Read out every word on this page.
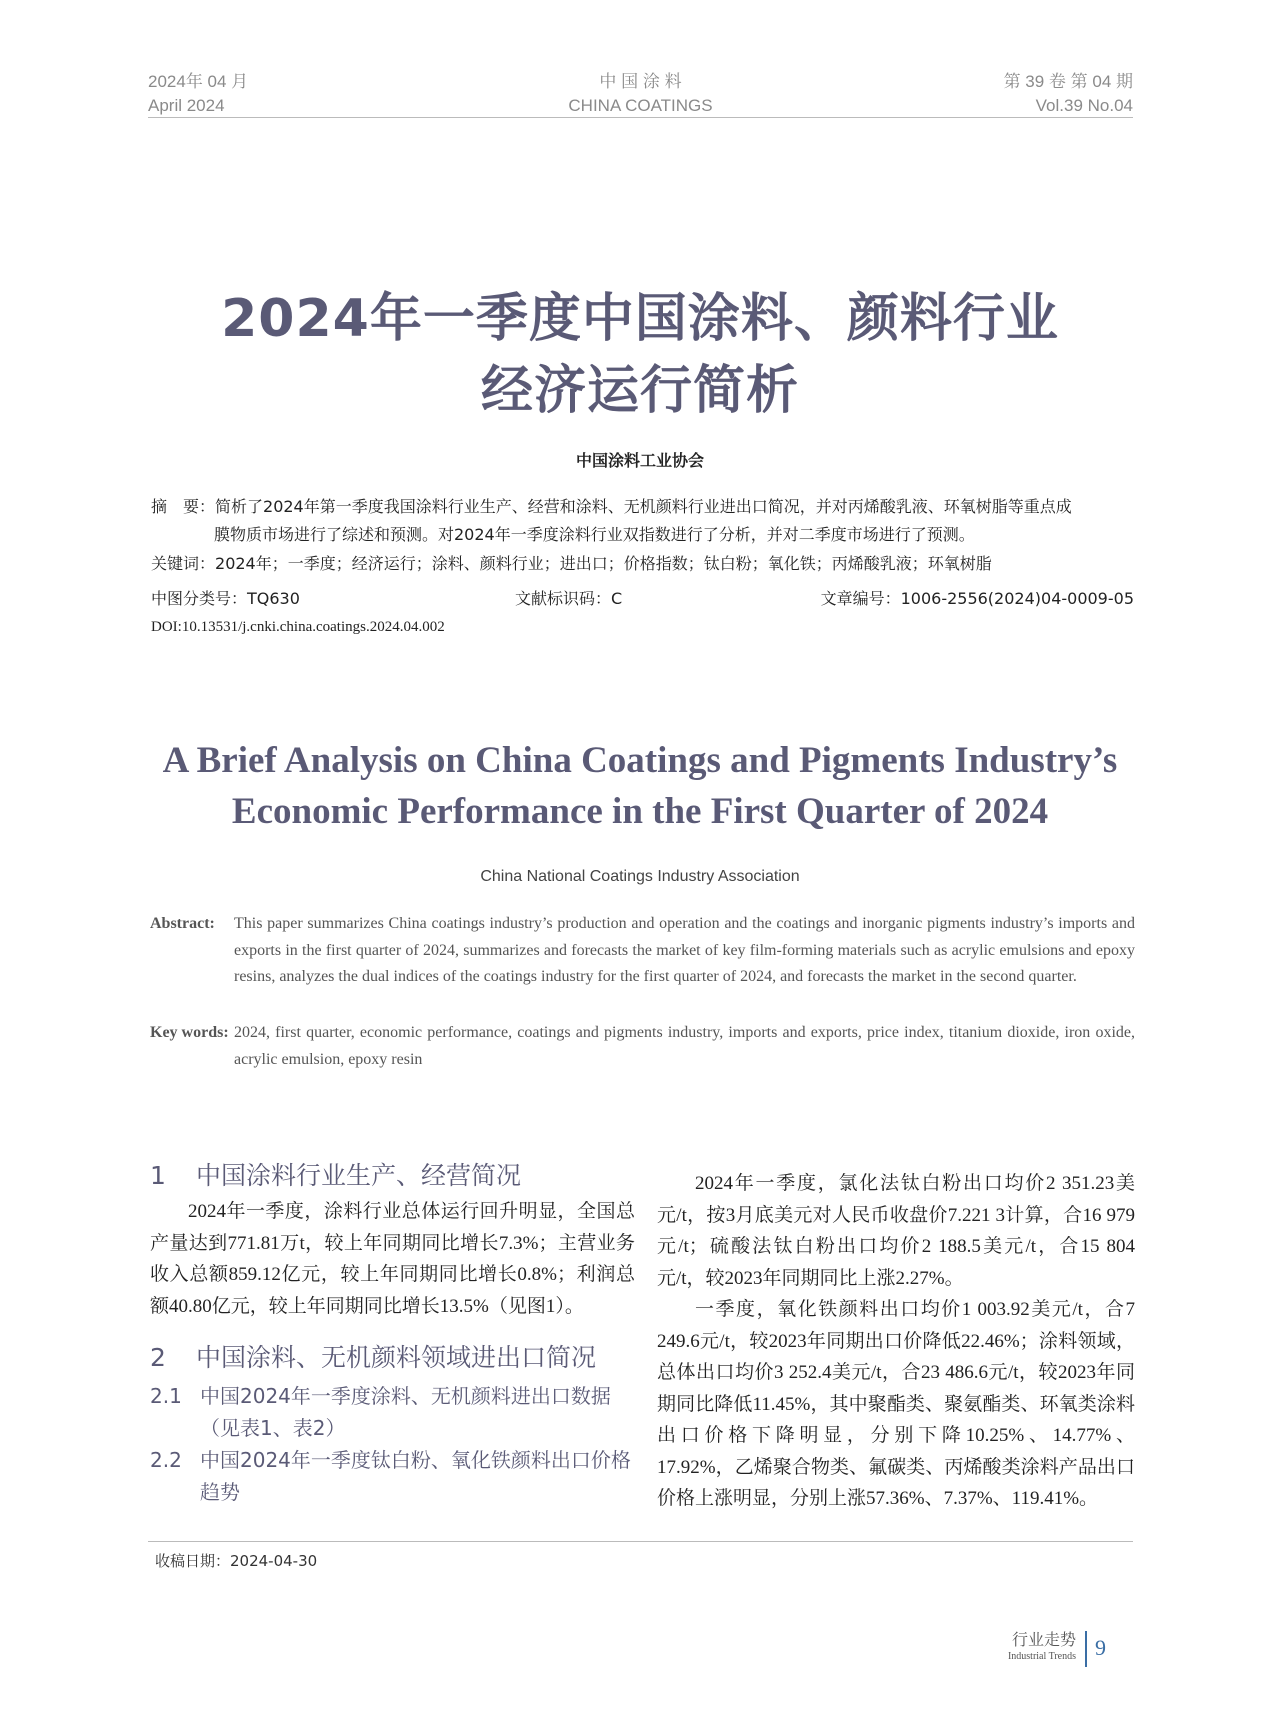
2024年 04 月
April 2024
中 国 涂 料
CHINA COATINGS
第 39 卷 第 04 期
Vol.39 No.04
2024年一季度中国涂料、颜料行业
经济运行简析
中国涂料工业协会
摘　要：简析了2024年第一季度我国涂料行业生产、经营和涂料、无机颜料行业进出口简况，并对丙烯酸乳液、环氧树脂等重点成
膜物质市场进行了综述和预测。对2024年一季度涂料行业双指数进行了分析，并对二季度市场进行了预测。
关键词：2024年；一季度；经济运行；涂料、颜料行业；进出口；价格指数；钛白粉；氧化铁；丙烯酸乳液；环氧树脂
中图分类号：TQ630	文献标识码：C	文章编号：1006-2556(2024)04-0009-05
DOI:10.13531/j.cnki.china.coatings.2024.04.002
A Brief Analysis on China Coatings and Pigments Industry’s
Economic Performance in the First Quarter of 2024
China National Coatings Industry Association
Abstract: This paper summarizes China coatings industry’s production and operation and the coatings and inorganic pigments industry’s imports and exports in the first quarter of 2024, summarizes and forecasts the market of key film-forming materials such as acrylic emulsions and epoxy resins, analyzes the dual indices of the coatings industry for the first quarter of 2024, and forecasts the market in the second quarter.
Key words: 2024, first quarter, economic performance, coatings and pigments industry, imports and exports, price index, titanium dioxide, iron oxide, acrylic emulsion, epoxy resin
1 中国涂料行业生产、经营简况
2024年一季度，涂料行业总体运行回升明显，全国总产量达到771.81万t，较上年同期同比增长7.3%；主营业务收入总额859.12亿元，较上年同期同比增长0.8%；利润总额40.80亿元，较上年同期同比增长13.5%（见图1）。
2 中国涂料、无机颜料领域进出口简况
2.1 中国2024年一季度涂料、无机颜料进出口数据
（见表1、表2）
2.2 中国2024年一季度钛白粉、氧化铁颜料出口价格
趋势
2024年一季度，氯化法钛白粉出口均价2 351.23美元/t，按3月底美元对人民币收盘价7.221 3计算，合16 979元/t；硫酸法钛白粉出口均价2 188.5美元/t，合15 804元/t，较2023年同期同比上涨2.27%。
一季度，氧化铁颜料出口均价1 003.92美元/t，合7 249.6元/t，较2023年同期出口价降低22.46%；涂料领域，总体出口均价3 252.4美元/t，合23 486.6元/t，较2023年同期同比降低11.45%，其中聚酯类、聚氨酯类、环氧类涂料出口价格下降明显，分别下降10.25%、14.77%、17.92%，乙烯聚合物类、氟碳类、丙烯酸类涂料产品出口价格上涨明显，分别上涨57.36%、7.37%、119.41%。
收稿日期：2024-04-30
行业走势
Industrial Trends 9
